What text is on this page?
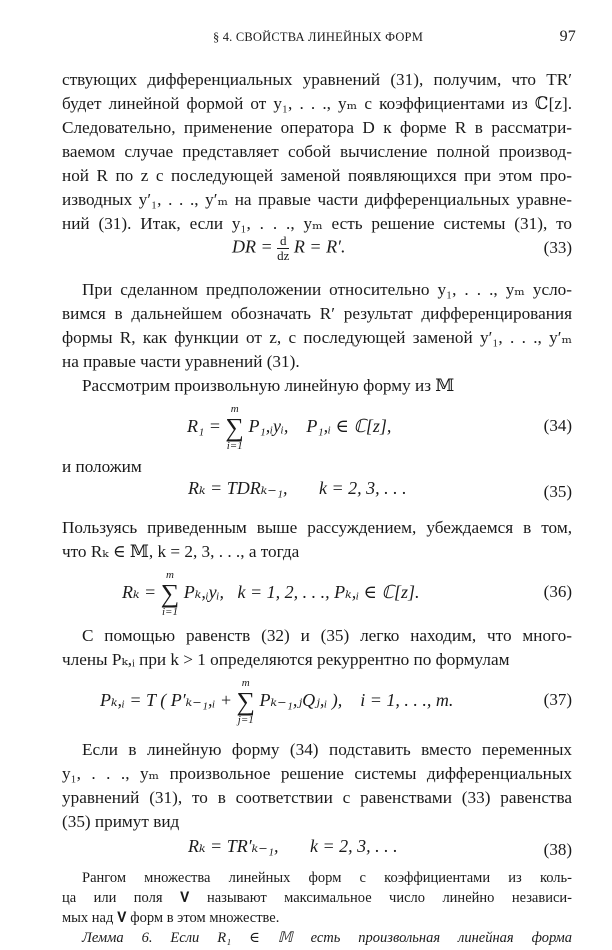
§ 4. СВОЙСТВА ЛИНЕЙНЫХ ФОРМ	97
ствующих дифференциальных уравнений (31), получим, что TR′
будет линейной формой от y₁, . . ., yₘ с коэффициентами из ℂ[z].
Следовательно, применение оператора D к форме R в рассматри-
ваемом случае представляет собой вычисление полной производ-
ной R по z с последующей заменой появляющихся при этом про-
изводных y′₁, . . ., y′ₘ на правые части дифференциальных уравне-
ний (31). Итак, если y₁, . . ., yₘ есть решение системы (31), то
DR = $\frac{d}{dz}$ R = R′.	(33)
При сделанном предположении относительно y₁, . . ., yₘ усло-
вимся в дальнейшем обозначать R′ результат дифференцирования
формы R, как функции от z, с последующей заменой y′₁, . . ., y′ₘ
на правые части уравнений (31).
Рассмотрим произвольную линейную форму из 𝕄
R₁ =
m
∑
i=1
P₁,ᵢyᵢ, P₁,ᵢ ∈ ℂ[z],	(34)
и положим
Rₖ = TDRₖ₋₁, k = 2, 3, . . .	(35)
Пользуясь приведенным выше рассуждением, убеждаемся в том,
что Rₖ ∈ 𝕄, k = 2, 3, . . ., а тогда
Rₖ =
m
∑
i=1
Pₖ,ᵢyᵢ, k = 1, 2, . . ., Pₖ,ᵢ ∈ ℂ[z].	(36)
С помощью равенств (32) и (35) легко находим, что много-
члены Pₖ,ᵢ при k > 1 определяются рекуррентно по формулам
Pₖ,ᵢ = T ( P′ₖ₋₁,ᵢ +
m
∑
j=1
Pₖ₋₁,ⱼQⱼ,ᵢ ), i = 1, . . ., m.	(37)
Если в линейную форму (34) подставить вместо переменных
y₁, . . ., yₘ произвольное решение системы дифференциальных
уравнений (31), то в соответствии с равенствами (33) равенства
(35) примут вид
Rₖ = TR′ₖ₋₁, k = 2, 3, . . .	(38)
Рангом множества линейных форм с коэффициентами из коль-
ца или поля 𝐕 называют максимальное число линейно независи-
мых над 𝐕 форм в этом множестве.
Лемма 6. Если R₁ ∈ 𝕄 есть произвольная линейная форма
